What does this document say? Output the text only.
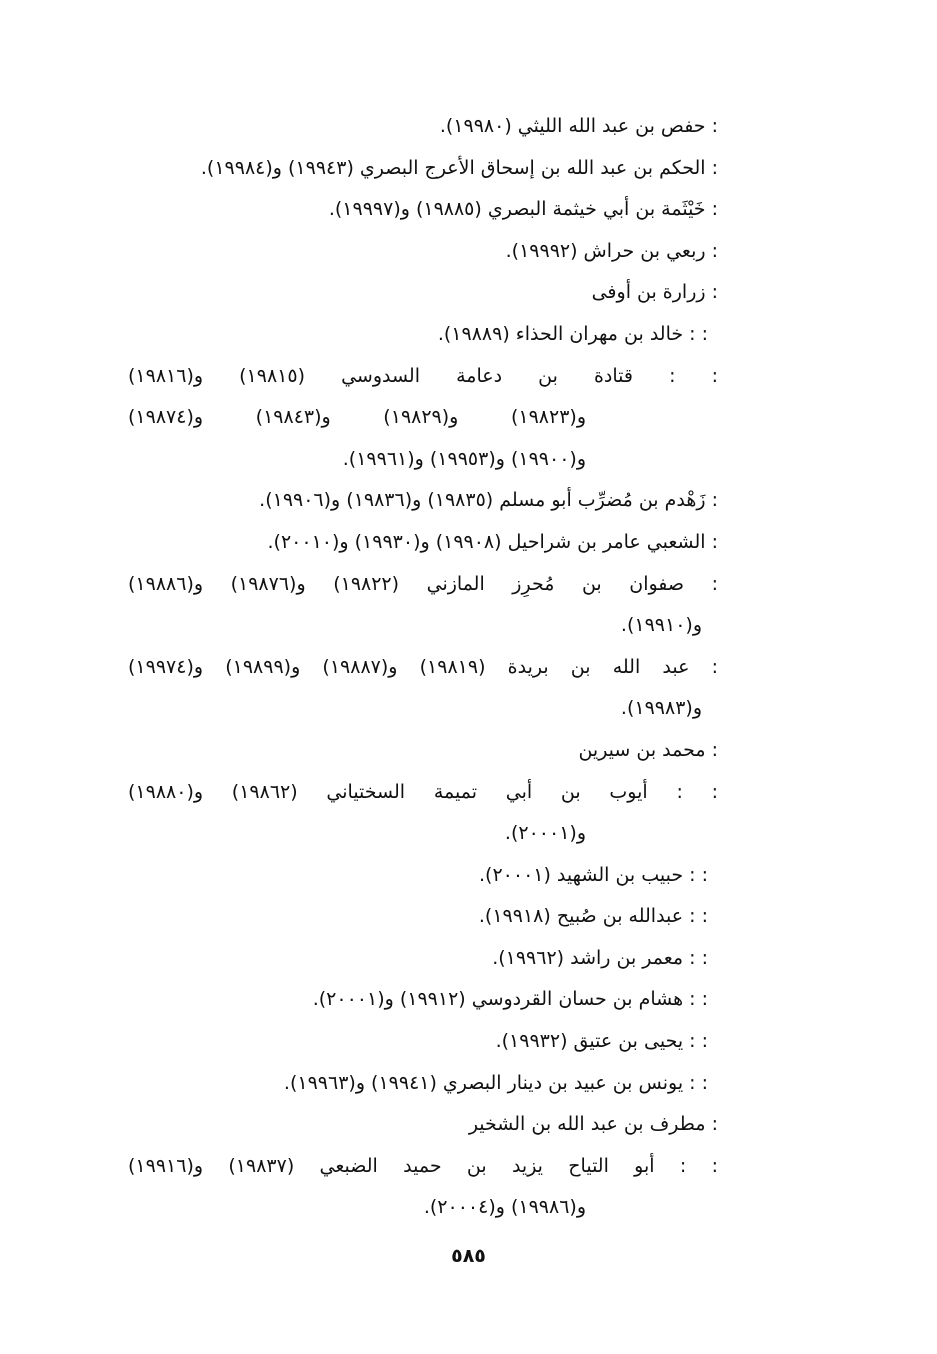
: حفص بن عبد الله الليثي (١٩٩٨٠).
: الحكم بن عبد الله بن إسحاق الأعرج البصري (١٩٩٤٣) و(١٩٩٨٤).
: خَيْثَمة بن أبي خيثمة البصري (١٩٨٨٥) و(١٩٩٩٧).
: ربعي بن حراش (١٩٩٩٢).
: زرارة بن أوفى
: : خالد بن مهران الحذاء (١٩٨٨٩).
: : قتادة بن دعامة السدوسي (١٩٨١٥) و(١٩٨١٦)
و(١٩٨٢٣) و(١٩٨٢٩) و(١٩٨٤٣) و(١٩٨٧٤)
و(١٩٩٠٠) و(١٩٩٥٣) و(١٩٩٦١).
: زَهْدم بن مُضرِّب أبو مسلم (١٩٨٣٥) و(١٩٨٣٦) و(١٩٩٠٦).
: الشعبي عامر بن شراحيل (١٩٩٠٨) و(١٩٩٣٠) و(٢٠٠١٠).
: صفوان بن مُحرِز المازني (١٩٨٢٢) و(١٩٨٧٦) و(١٩٨٨٦)
و(١٩٩١٠).
: عبد الله بن بريدة (١٩٨١٩) و(١٩٨٨٧) و(١٩٨٩٩) و(١٩٩٧٤)
و(١٩٩٨٣).
: محمد بن سيرين
: : أيوب بن أبي تميمة السختياني (١٩٨٦٢) و(١٩٨٨٠)
و(٢٠٠٠١).
: : حبيب بن الشهيد (٢٠٠٠١).
: : عبدالله بن صُبيح (١٩٩١٨).
: : معمر بن راشد (١٩٩٦٢).
: : هشام بن حسان القردوسي (١٩٩١٢) و(٢٠٠٠١).
: : يحيى بن عتيق (١٩٩٣٢).
: : يونس بن عبيد بن دينار البصري (١٩٩٤١) و(١٩٩٦٣).
: مطرف بن عبد الله بن الشخير
: : أبو التياح يزيد بن حميد الضبعي (١٩٨٣٧) و(١٩٩١٦)
و(١٩٩٨٦) و(٢٠٠٠٤).
٥٨٥
